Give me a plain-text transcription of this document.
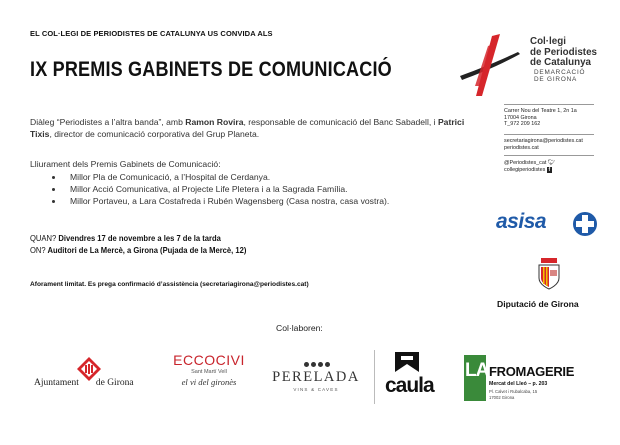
EL COL·LEGI DE PERIODISTES DE CATALUNYA US CONVIDA ALS
IX PREMIS GABINETS DE COMUNICACIÓ
Diàleg “Periodistes a l’altra banda”, amb Ramon Rovira, responsable de comunicació del Banc Sabadell, i Patrici Tixis, director de comunicació corporativa del Grup Planeta.
Lliurament dels Premis Gabinets de Comunicació:
• Millor Pla de Comunicació, a l’Hospital de Cerdanya.
• Millor Acció Comunicativa, al Projecte Life Pletera i a la Sagrada Família.
• Millor Portaveu, a Lara Costafreda i Rubén Wagensberg (Casa nostra, casa vostra).
QUAN? Divendres 17 de novembre a les 7 de la tarda
ON? Auditori de La Mercè, a Girona (Pujada de la Mercè, 12)
Aforament limitat. Es prega confirmació d’assistència (secretariagirona@periodistes.cat)
Col·legi
de Periodistes
de Catalunya
DEMARCACIÓ
DE GIRONA
Carrer Nou del Teatre 1, 2n 1a
17004 Girona
T_972 209 162
secretariagirona@periodistes.cat
periodistes.cat
@Periodistes_cat 🐦︎
collegiperiodistes f
asisa
Diputació de Girona
Col·laboren:
Ajuntament de Girona
ECCOCIVI
Sant Martí Vell
el vi del gironès	PERELADA
VINS & CAVES	caula
LA FROMAGERIE
Mercat del Lleó – p. 203
Pl. Calvet i Rubalcaba, 15
17002 Girona
